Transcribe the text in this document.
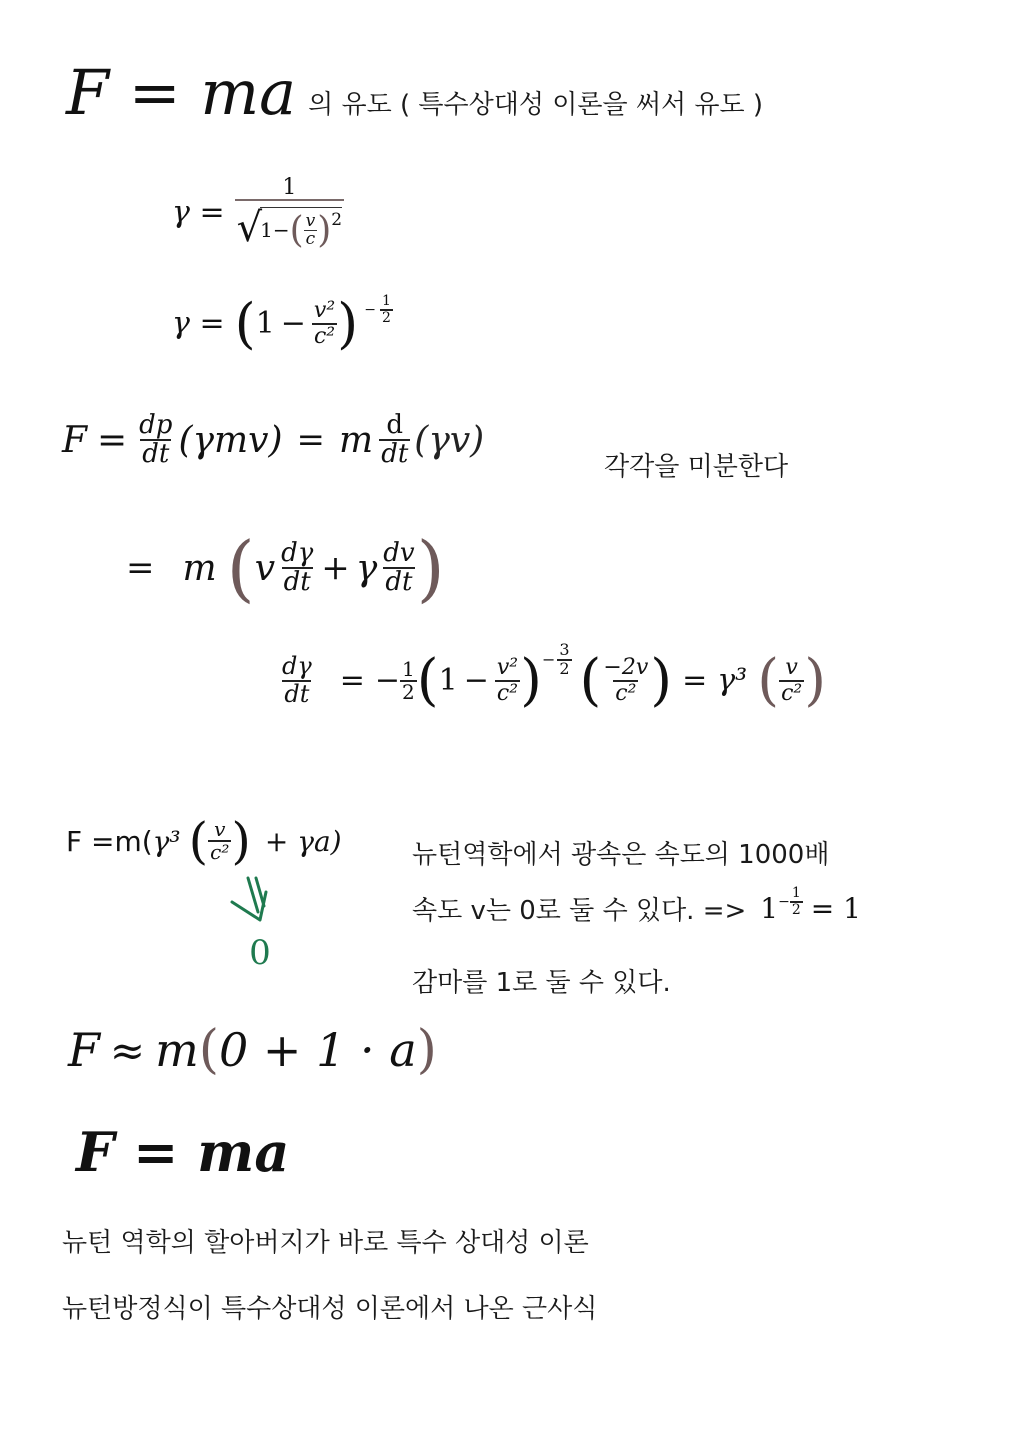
F = ma 의 유도 ( 특수상대성 이론을 써서 유도 )
γ =
1
√
1− ( $\frac{v}{c}$ ) 2
γ = ( $1 - \frac{\text{v²}}{\text{c²}}$ ) − $\frac{1}{2}$
$F = \frac{dp}{dt} (\gamma mv) = m \frac{d}{dt} (\gamma v)$
각각을 미분한다
= m ( v $\frac{d\gamma}{dt} + \gamma \frac{dv}{dt}$ )
$\frac{d\gamma}{dt}$ = − $\frac{1}{2}$ ( $1 - \frac{\text{v²}}{\text{c²}}$ ) − $\frac{3}{2}$ ( $\frac{-2v}{\text{c²}}$ ) = γ³ ( $\frac{v}{\text{c²}}$ )
F =m( γ³ ( $\frac{v}{\text{c²}}$ ) + γa)
0
뉴턴역학에서 광속은 속도의 1000배
속도 v는 0로 둘 수 있다. => $1 - \frac{1}{2} = 1$
감마를 1로 둘 수 있다.
F ≈ m ( 0 + 1 · a )
F = ma
뉴턴 역학의 할아버지가 바로 특수 상대성 이론
뉴턴방정식이 특수상대성 이론에서 나온 근사식
